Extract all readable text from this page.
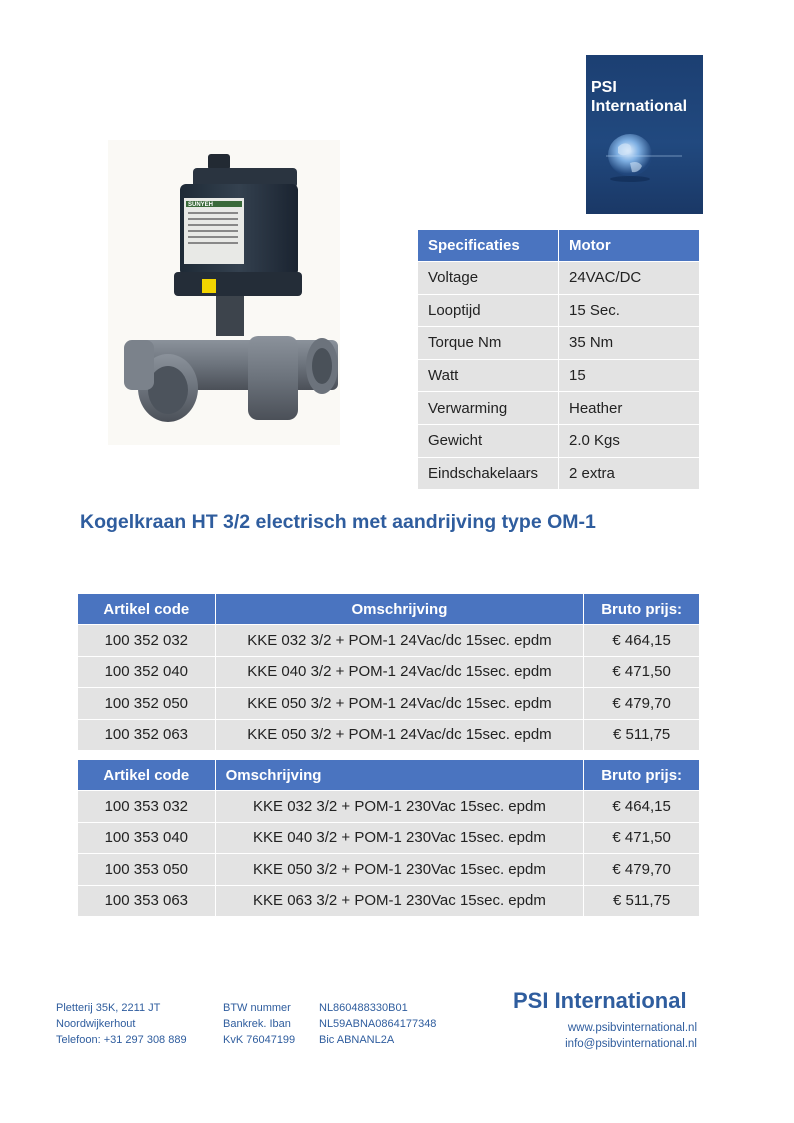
PSI
International
SUNYEH
Specificaties	Motor
Voltage	24VAC/DC
Looptijd	15 Sec.
Torque Nm	35 Nm
Watt	15
Verwarming	Heather
Gewicht	2.0 Kgs
Eindschakelaars	2 extra
Kogelkraan HT 3/2 electrisch met aandrijving type OM-1
Artikel code	Omschrijving	Bruto prijs:
100 352 032	KKE 032 3/2 + POM-1 24Vac/dc 15sec. epdm	€ 464,15
100 352 040	KKE 040 3/2 + POM-1 24Vac/dc 15sec. epdm	€ 471,50
100 352 050	KKE 050 3/2 + POM-1 24Vac/dc 15sec. epdm	€ 479,70
100 352 063	KKE 050 3/2 + POM-1 24Vac/dc 15sec. epdm	€ 511,75
Artikel code	Omschrijving	Bruto prijs:
100 353 032	KKE 032 3/2 + POM-1 230Vac 15sec. epdm	€ 464,15
100 353 040	KKE 040 3/2 + POM-1 230Vac 15sec. epdm	€ 471,50
100 353 050	KKE 050 3/2 + POM-1 230Vac 15sec. epdm	€ 479,70
100 353 063	KKE 063 3/2 + POM-1 230Vac 15sec. epdm	€ 511,75
Pletterij 35K, 2211 JT
Noordwijkerhout
Telefoon: +31 297 308 889
BTW nummer
Bankrek. Iban
KvK 76047199
NL860488330B01
NL59ABNA0864177348
Bic ABNANL2A
PSI International
www.psibvinternational.nl
info@psibvinternational.nl
